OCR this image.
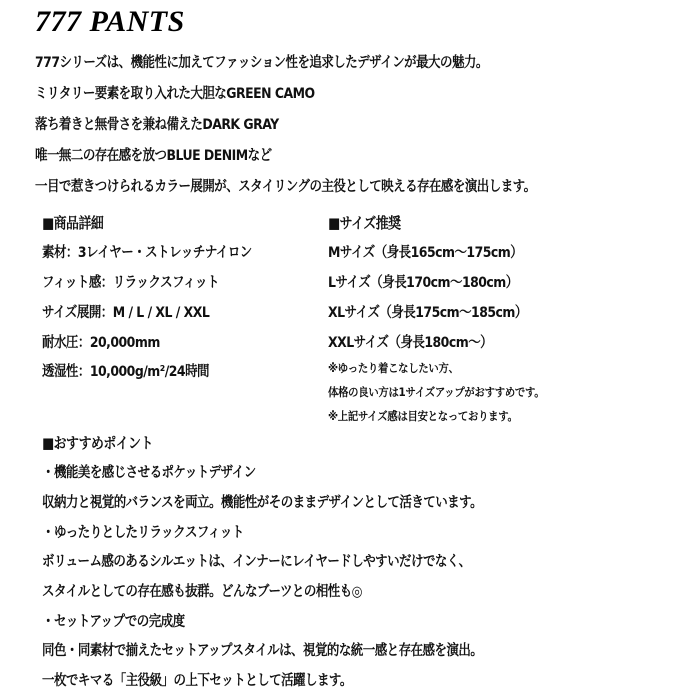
777 PANTS
777シリーズは、機能性に加えてファッション性を追求したデザインが最大の魅力。
ミリタリー要素を取り入れた大胆なGREEN CAMO
落ち着きと無骨さを兼ね備えたDARK GRAY
唯一無二の存在感を放つBLUE DENIMなど
一目で惹きつけられるカラー展開が、スタイリングの主役として映える存在感を演出します。
■商品詳細
素材：3レイヤー・ストレッチナイロン
フィット感：リラックスフィット
サイズ展開：M / L / XL / XXL
耐水圧：20,000mm
透湿性：10,000g/m²/24時間
■サイズ推奨
Mサイズ（身長165cm～175cm）
Lサイズ（身長170cm～180cm）
XLサイズ（身長175cm～185cm）
XXLサイズ（身長180cm～）
※ゆったり着こなしたい方、
体格の良い方は1サイズアップがおすすめです。
※上記サイズ感は目安となっております。
■おすすめポイント
・機能美を感じさせるポケットデザイン
収納力と視覚的バランスを両立。機能性がそのままデザインとして活きています。
・ゆったりとしたリラックスフィット
ボリューム感のあるシルエットは、インナーにレイヤードしやすいだけでなく、
スタイルとしての存在感も抜群。どんなブーツとの相性も◎
・セットアップでの完成度
同色・同素材で揃えたセットアップスタイルは、視覚的な統一感と存在感を演出。
一枚でキマる「主役級」の上下セットとして活躍します。
